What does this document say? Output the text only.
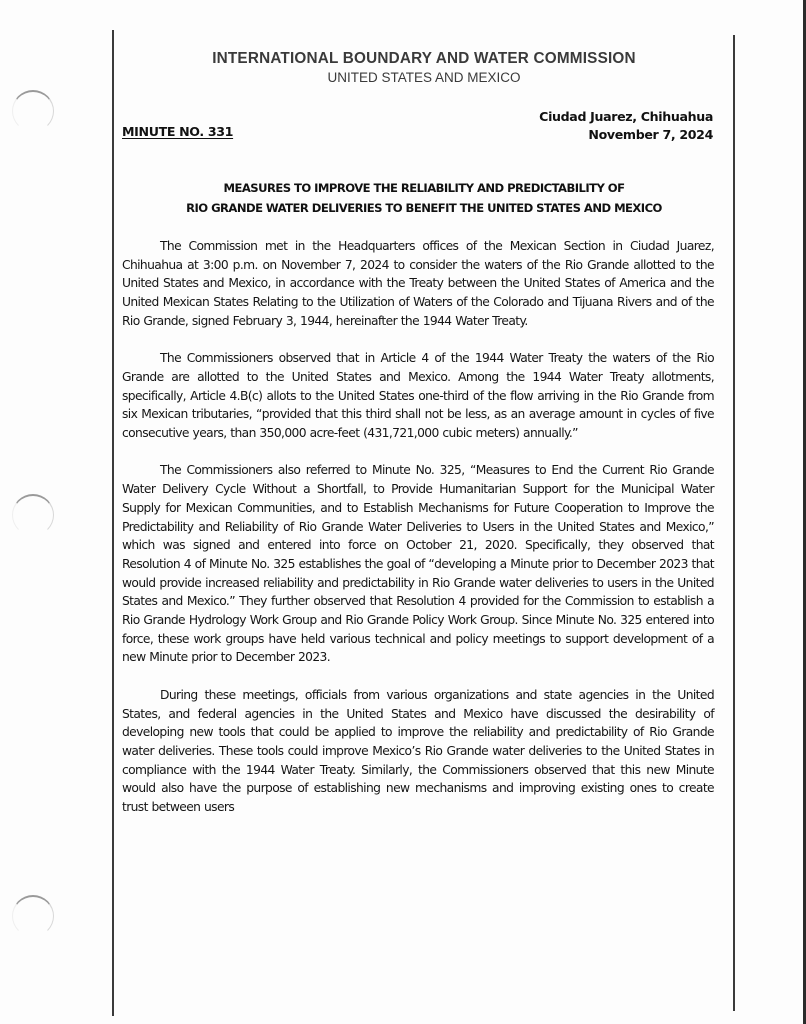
INTERNATIONAL BOUNDARY AND WATER COMMISSION
UNITED STATES AND MEXICO
Ciudad Juarez, Chihuahua
November 7, 2024
MINUTE NO. 331
MEASURES TO IMPROVE THE RELIABILITY AND PREDICTABILITY OF
RIO GRANDE WATER DELIVERIES TO BENEFIT THE UNITED STATES AND MEXICO

The Commission met in the Headquarters offices of the Mexican Section in Ciudad Juarez, Chihuahua at 3:00 p.m. on November 7, 2024 to consider the waters of the Rio Grande allotted to the United States and Mexico, in accordance with the Treaty between the United States of America and the United Mexican States Relating to the Utilization of Waters of the Colorado and Tijuana Rivers and of the Rio Grande, signed February 3, 1944, hereinafter the 1944 Water Treaty.

The Commissioners observed that in Article 4 of the 1944 Water Treaty the waters of the Rio Grande are allotted to the United States and Mexico. Among the 1944 Water Treaty allotments, specifically, Article 4.B(c) allots to the United States one-third of the flow arriving in the Rio Grande from six Mexican tributaries, “provided that this third shall not be less, as an average amount in cycles of five consecutive years, than 350,000 acre-feet (431,721,000 cubic meters) annually.”

The Commissioners also referred to Minute No. 325, “Measures to End the Current Rio Grande Water Delivery Cycle Without a Shortfall, to Provide Humanitarian Support for the Municipal Water Supply for Mexican Communities, and to Establish Mechanisms for Future Cooperation to Improve the Predictability and Reliability of Rio Grande Water Deliveries to Users in the United States and Mexico,” which was signed and entered into force on October 21, 2020. Specifically, they observed that Resolution 4 of Minute No. 325 establishes the goal of “developing a Minute prior to December 2023 that would provide increased reliability and predictability in Rio Grande water deliveries to users in the United States and Mexico.” They further observed that Resolution 4 provided for the Commission to establish a Rio Grande Hydrology Work Group and Rio Grande Policy Work Group. Since Minute No. 325 entered into force, these work groups have held various technical and policy meetings to support development of a new Minute prior to December 2023.

During these meetings, officials from various organizations and state agencies in the United States, and federal agencies in the United States and Mexico have discussed the desirability of developing new tools that could be applied to improve the reliability and predictability of Rio Grande water deliveries. These tools could improve Mexico’s Rio Grande water deliveries to the United States in compliance with the 1944 Water Treaty. Similarly, the Commissioners observed that this new Minute would also have the purpose of establishing new mechanisms and improving existing ones to create trust between users
